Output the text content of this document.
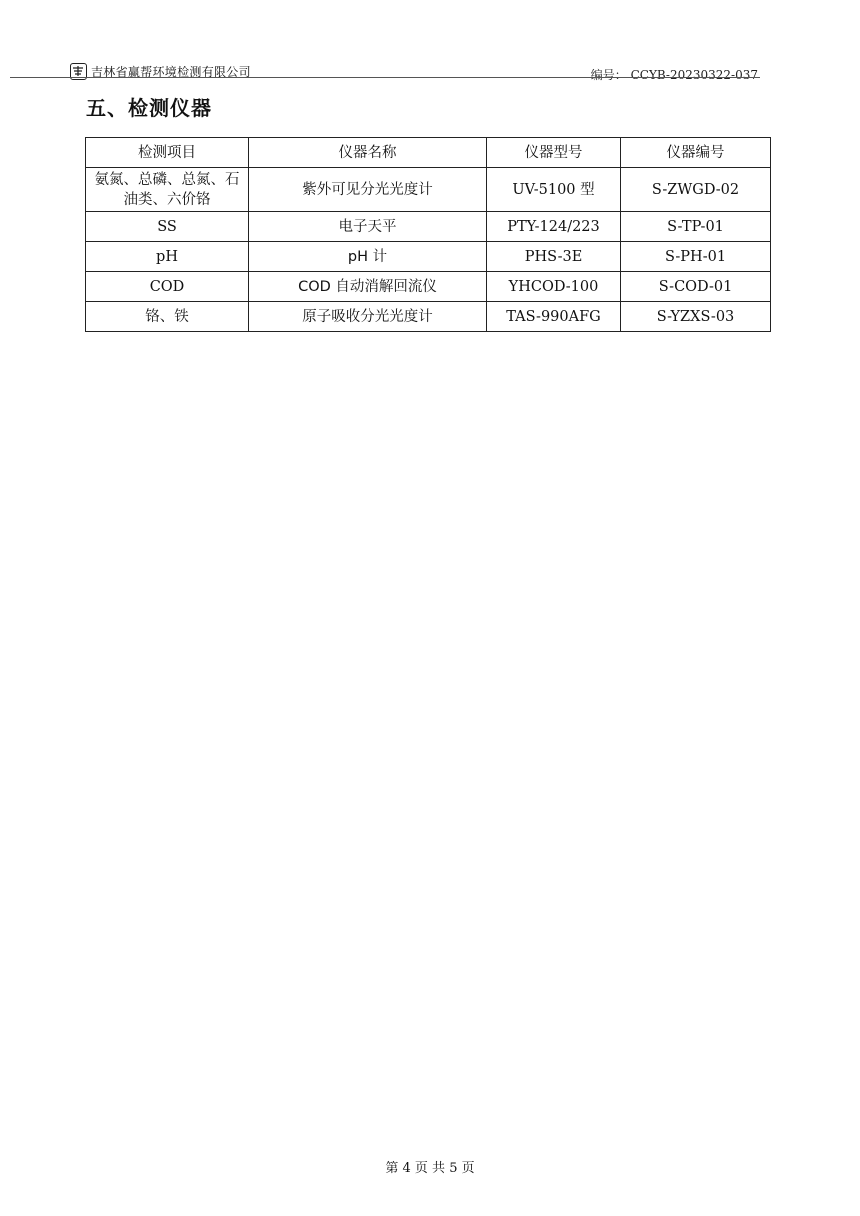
吉林省赢帮环境检测有限公司	编号： CCYB-20230322-037
五、检测仪器
检测项目	仪器名称	仪器型号	仪器编号
氨氮、总磷、总氮、石油类、六价铬	紫外可见分光光度计	UV-5100 型	S-ZWGD-02
SS	电子天平	PTY-124/223	S-TP-01
pH	pH 计	PHS-3E	S-PH-01
COD	COD 自动消解回流仪	YHCOD-100	S-COD-01
铬、铁	原子吸收分光光度计	TAS-990AFG	S-YZXS-03
第 4 页 共 5 页
